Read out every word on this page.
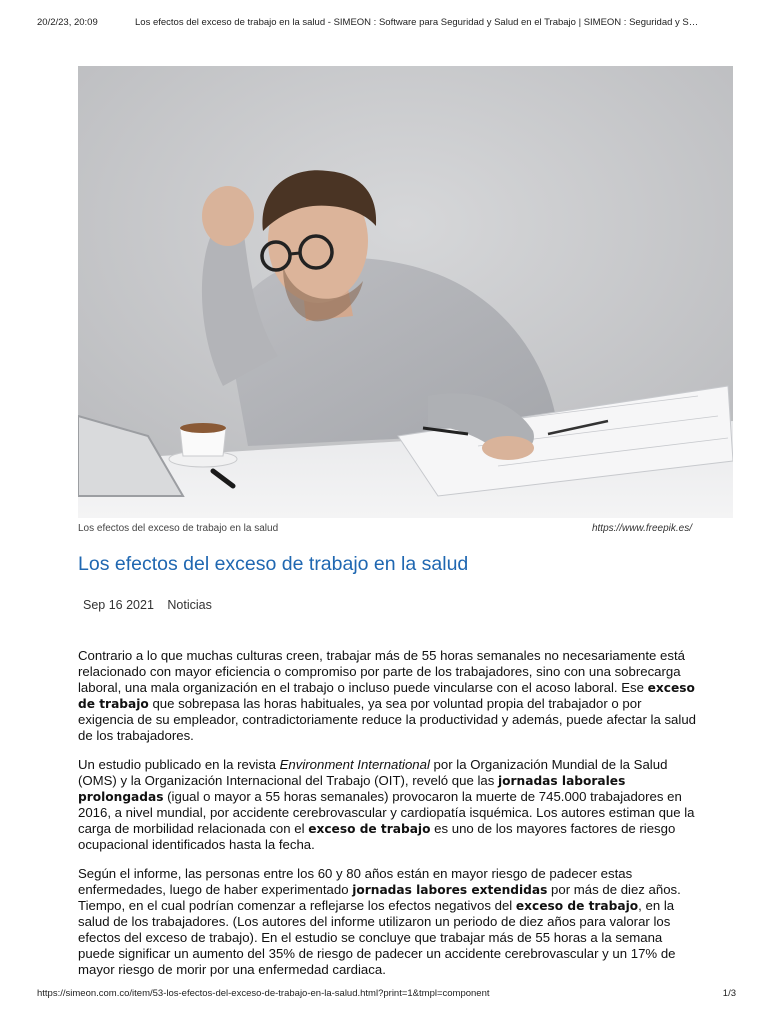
20/2/23, 20:09	Los efectos del exceso de trabajo en la salud - SIMEON : Software para Seguridad y Salud en el Trabajo | SIMEON : Seguridad y S…
Los efectos del exceso de trabajo en la salud	https://www.freepik.es/
Los efectos del exceso de trabajo en la salud
Sep 16 2021 Noticias

Contrario a lo que muchas culturas creen, trabajar más de 55 horas semanales no necesariamente está relacionado con mayor eficiencia o compromiso por parte de los trabajadores, sino con una sobrecarga laboral, una mala organización en el trabajo o incluso puede vincularse con el acoso laboral. Ese exceso de trabajo que sobrepasa las horas habituales, ya sea por voluntad propia del trabajador o por exigencia de su empleador, contradictoriamente reduce la productividad y además, puede afectar la salud de los trabajadores.

Un estudio publicado en la revista Environment International por la Organización Mundial de la Salud (OMS) y la Organización Internacional del Trabajo (OIT), reveló que las jornadas laborales prolongadas (igual o mayor a 55 horas semanales) provocaron la muerte de 745.000 trabajadores en 2016, a nivel mundial, por accidente cerebrovascular y cardiopatía isquémica. Los autores estiman que la carga de morbilidad relacionada con el exceso de trabajo es uno de los mayores factores de riesgo ocupacional identificados hasta la fecha.

Según el informe, las personas entre los 60 y 80 años están en mayor riesgo de padecer estas enfermedades, luego de haber experimentado jornadas labores extendidas por más de diez años. Tiempo, en el cual podrían comenzar a reflejarse los efectos negativos del exceso de trabajo, en la salud de los trabajadores. (Los autores del informe utilizaron un periodo de diez años para valorar los efectos del exceso de trabajo). En el estudio se concluye que trabajar más de 55 horas a la semana puede significar un aumento del 35% de riesgo de padecer un accidente cerebrovascular y un 17% de mayor riesgo de morir por una enfermedad cardiaca.

https://simeon.com.co/item/53-los-efectos-del-exceso-de-trabajo-en-la-salud.html?print=1&tmpl=component	1/3
